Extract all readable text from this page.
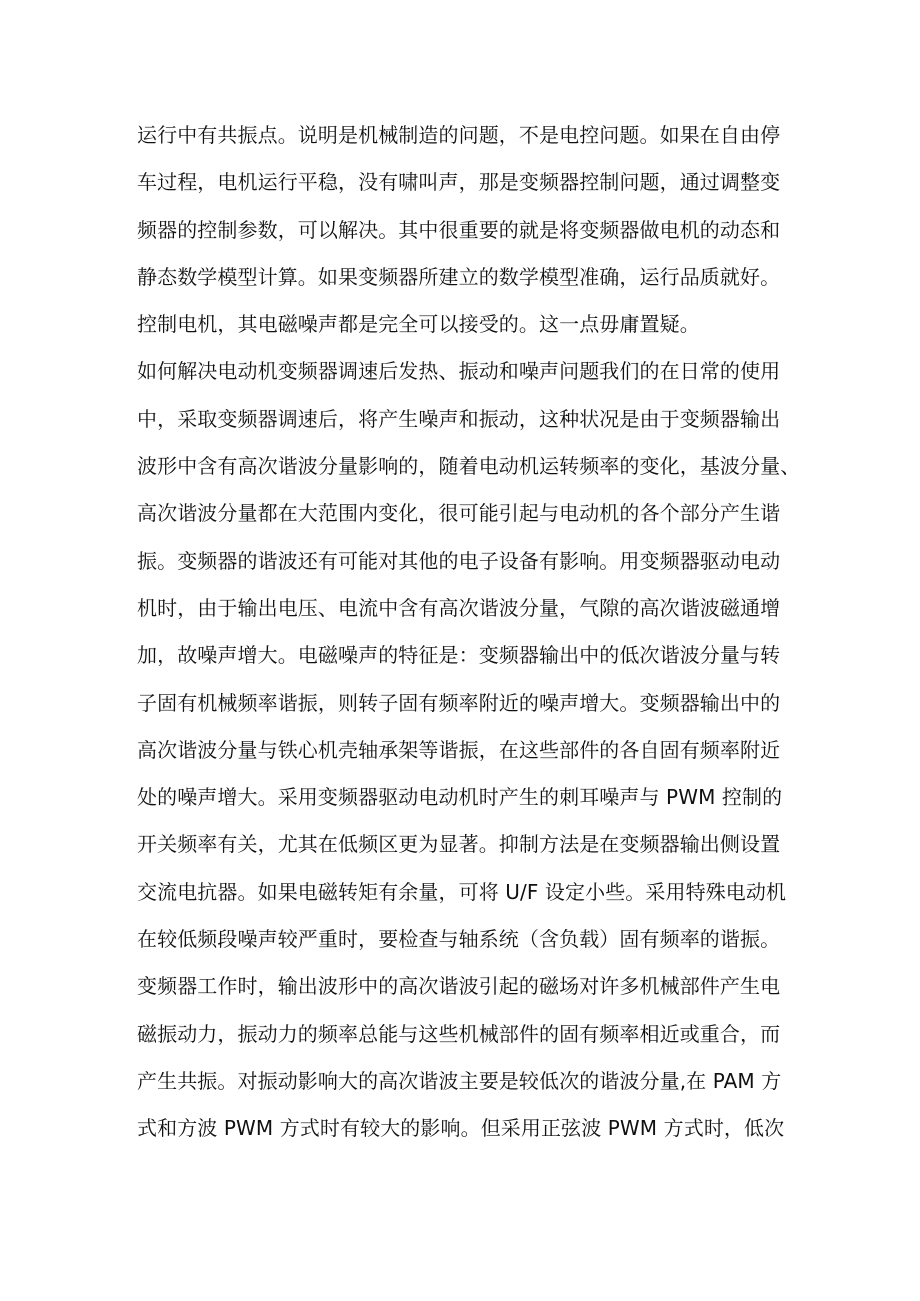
运行中有共振点。说明是机械制造的问题，不是电控问题。如果在自由停
车过程，电机运行平稳，没有啸叫声，那是变频器控制问题，通过调整变
频器的控制参数，可以解决。其中很重要的就是将变频器做电机的动态和
静态数学模型计算。如果变频器所建立的数学模型准确，运行品质就好。
控制电机，其电磁噪声都是完全可以接受的。这一点毋庸置疑。
如何解决电动机变频器调速后发热、振动和噪声问题我们的在日常的使用
中，采取变频器调速后，将产生噪声和振动，这种状况是由于变频器输出
波形中含有高次谐波分量影响的，随着电动机运转频率的变化，基波分量、
高次谐波分量都在大范围内变化，很可能引起与电动机的各个部分产生谐
振。变频器的谐波还有可能对其他的电子设备有影响。用变频器驱动电动
机时，由于输出电压、电流中含有高次谐波分量，气隙的高次谐波磁通增
加，故噪声增大。电磁噪声的特征是：变频器输出中的低次谐波分量与转
子固有机械频率谐振，则转子固有频率附近的噪声增大。变频器输出中的
高次谐波分量与铁心机壳轴承架等谐振，在这些部件的各自固有频率附近
处的噪声增大。采用变频器驱动电动机时产生的刺耳噪声与 PWM 控制的
开关频率有关，尤其在低频区更为显著。抑制方法是在变频器输出侧设置
交流电抗器。如果电磁转矩有余量，可将 U/F 设定小些。采用特殊电动机
在较低频段噪声较严重时，要检查与轴系统（含负载）固有频率的谐振。
变频器工作时，输出波形中的高次谐波引起的磁场对许多机械部件产生电
磁振动力，振动力的频率总能与这些机械部件的固有频率相近或重合，而
产生共振。对振动影响大的高次谐波主要是较低次的谐波分量,在 PAM 方
式和方波 PWM 方式时有较大的影响。但采用正弦波 PWM 方式时，低次
